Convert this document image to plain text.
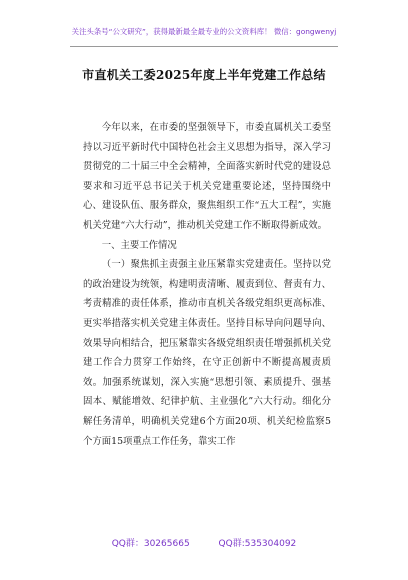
关注头条号“公文研究”，获得最新最全最专业的公文资料库！ 微信：gongwenyj
市直机关工委2025年度上半年党建工作总结

今年以来，在市委的坚强领导下，市委直属机关工委坚持以习近平新时代中国特色社会主义思想为指导，深入学习贯彻党的二十届三中全会精神，全面落实新时代党的建设总要求和习近平总书记关于机关党建重要论述，坚持围绕中心、建设队伍、服务群众，聚焦组织工作“五大工程”，实施机关党建“六大行动”，推动机关党建工作不断取得新成效。

一、主要工作情况

（一）聚焦抓主责强主业压紧靠实党建责任。坚持以党的政治建设为统领，构建明责清晰、履责到位、督责有力、考责精准的责任体系，推动市直机关各级党组织更高标准、更实举措落实机关党建主体责任。坚持目标导向问题导向、效果导向相结合，把压紧靠实各级党组织责任增强抓机关党建工作合力贯穿工作始终，在守正创新中不断提高履责质效。加强系统谋划，深入实施“思想引领、素质提升、强基固本、赋能增效、纪律护航、主业强化”六大行动。细化分解任务清单，明确机关党建6个方面20项、机关纪检监察5个方面15项重点工作任务，靠实工作

QQ群：30265665	QQ群:535304092
